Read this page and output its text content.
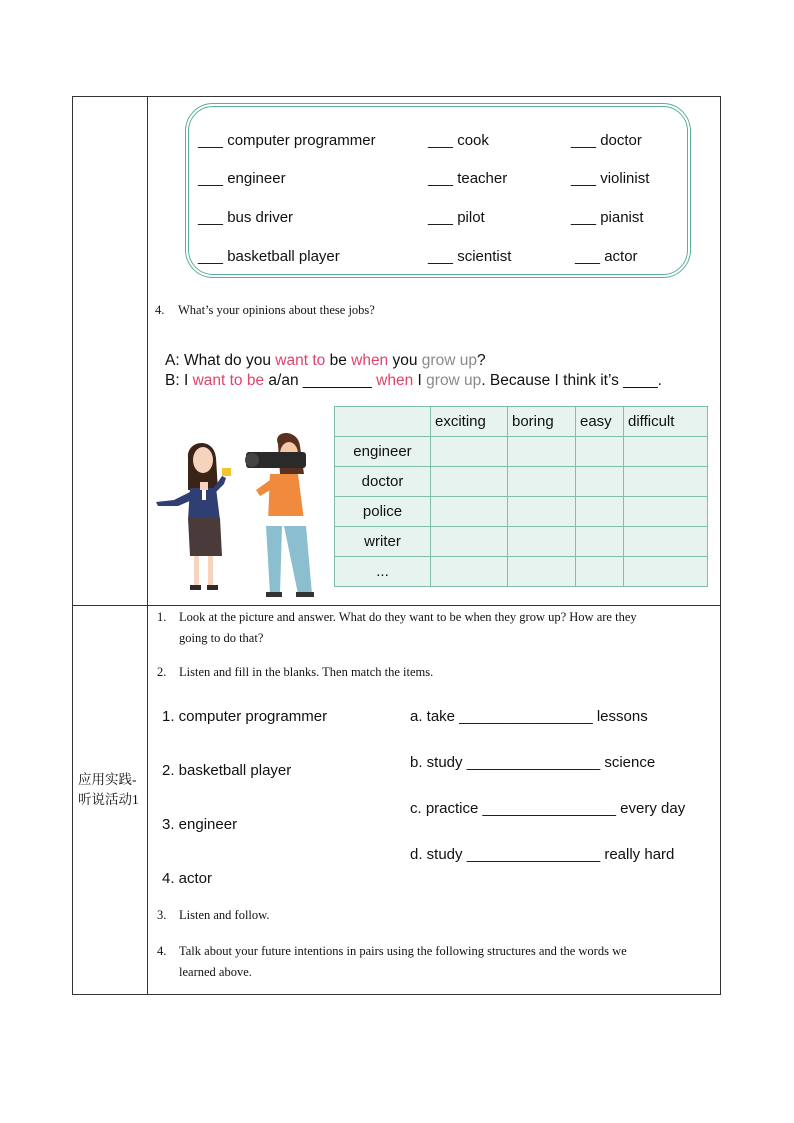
应用实践-听说活动1
___ computer programmer	___ cook	___ doctor
___ engineer	___ teacher	___ violinist
___ bus driver	___ pilot	___ pianist
___ basketball player	___ scientist	___ actor
4. What’s your opinions about these jobs?
A: What do you want to be when you grow up?
B: I want to be a/an ________ when I grow up. Because I think it’s ____.
	exciting	boring	easy	difficult
engineer				
doctor				
police				
writer				
...				
1. Look at the picture and answer. What do they want to be when they grow up? How are they
going to do that?
2. Listen and fill in the blanks. Then match the items.
1. computer programmer
2. basketball player
3. engineer
4. actor
a. take ________________ lessons
b. study ________________ science
c. practice ________________ every day
d. study ________________ really hard
3. Listen and follow.
4. Talk about your future intentions in pairs using the following structures and the words we
learned above.
